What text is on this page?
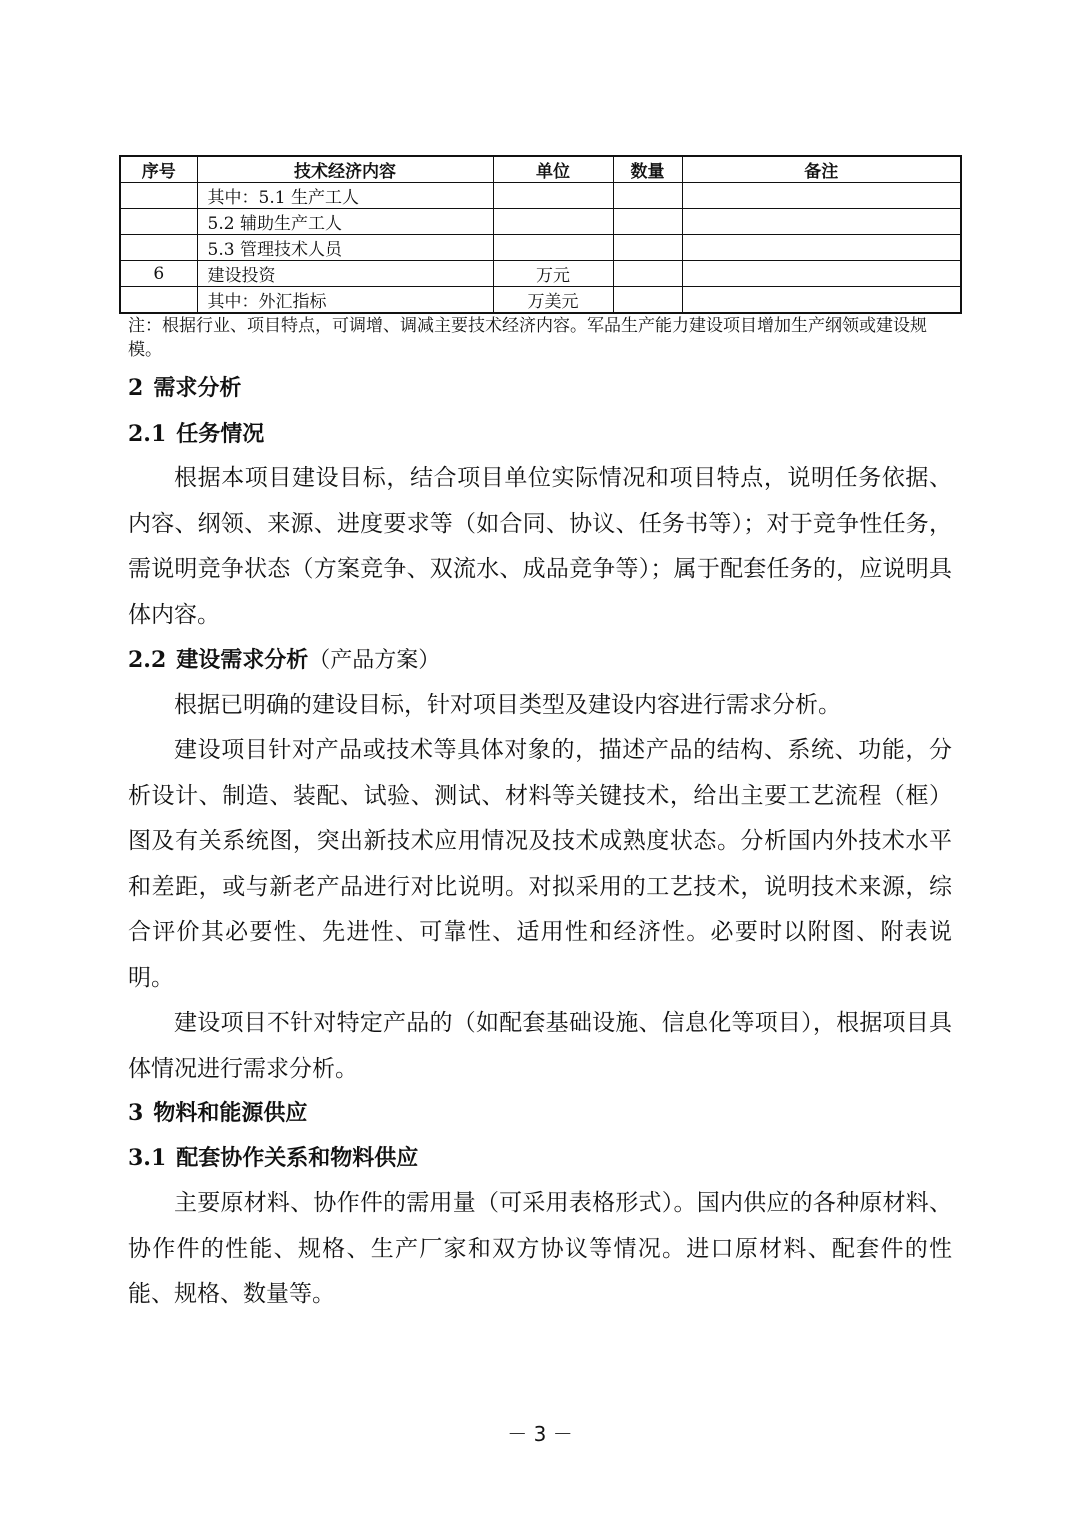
序号	技术经济内容	单位	数量	备注
	其中：5.1 生产工人			
	5.2 辅助生产工人			
	5.3 管理技术人员			
6	建设投资	万元		
	其中：外汇指标	万美元		

注：根据行业、项目特点，可调增、调减主要技术经济内容。军品生产能力建设项目增加生产纲领或建设规模。

2 需求分析
2.1 任务情况

根据本项目建设目标，结合项目单位实际情况和项目特点，说明任务依据、内容、纲领、来源、进度要求等（如合同、协议、任务书等）；对于竞争性任务，需说明竞争状态（方案竞争、双流水、成品竞争等）；属于配套任务的，应说明具体内容。

2.2 建设需求分析（产品方案）

根据已明确的建设目标，针对项目类型及建设内容进行需求分析。

建设项目针对产品或技术等具体对象的，描述产品的结构、系统、功能，分析设计、制造、装配、试验、测试、材料等关键技术，给出主要工艺流程（框）图及有关系统图，突出新技术应用情况及技术成熟度状态。分析国内外技术水平和差距，或与新老产品进行对比说明。对拟采用的工艺技术，说明技术来源，综合评价其必要性、先进性、可靠性、适用性和经济性。必要时以附图、附表说明。

建设项目不针对特定产品的（如配套基础设施、信息化等项目），根据项目具体情况进行需求分析。

3 物料和能源供应
3.1 配套协作关系和物料供应

主要原材料、协作件的需用量（可采用表格形式）。国内供应的各种原材料、协作件的性能、规格、生产厂家和双方协议等情况。进口原材料、配套件的性能、规格、数量等。

－ 3 －
